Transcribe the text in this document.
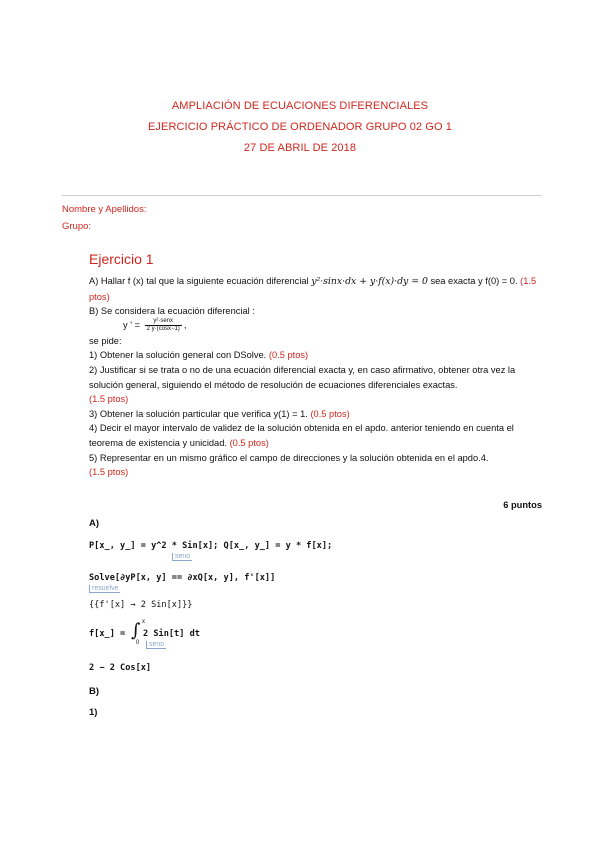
AMPLIACIÓN DE ECUACIONES DIFERENCIALES
EJERCICIO PRÁCTICO DE ORDENADOR GRUPO 02 GO 1
27 DE ABRIL DE 2018
Nombre y Apellidos:
Grupo:
Ejercicio 1

A) Hallar f (x) tal que la siguiente ecuación diferencial y²·sinx·dx + y·f(x)·dy = 0 sea exacta y f(0) = 0. (1.5 ptos)

B) Se considera la ecuación diferencial :

y ' = $\frac{\text{y²·senx}}{2 y\cdot(\cos x-1)}$ ,

se pide:

1) Obtener la solución general con DSolve. (0.5 ptos)

2) Justificar si se trata o no de una ecuación diferencial exacta y, en caso afirmativo, obtener otra vez la solución general, siguiendo el método de resolución de ecuaciones diferenciales exactas.
(1.5 ptos)

3) Obtener la solución particular que verifica y(1) = 1. (0.5 ptos)

4) Decir el mayor intervalo de validez de la solución obtenida en el apdo. anterior teniendo en cuenta el teorema de existencia y unicidad. (0.5 ptos)

5) Representar en un mismo gráfico el campo de direcciones y la solución obtenida en el apdo.4.
(1.5 ptos)

6 puntos
A)
P[x_, y_] = y^2 * Sin[x]; Q[x_, y_] = y * f[x];
seno
Solve[∂yP[x, y] == ∂xQ[x, y], f'[x]]
resuelve
{{f'[x] → 2 Sin[x]}}
f[x_] = ∫ x
0
2 Sin[t] dt
seno
2 − 2 Cos[x]
B)
1)
